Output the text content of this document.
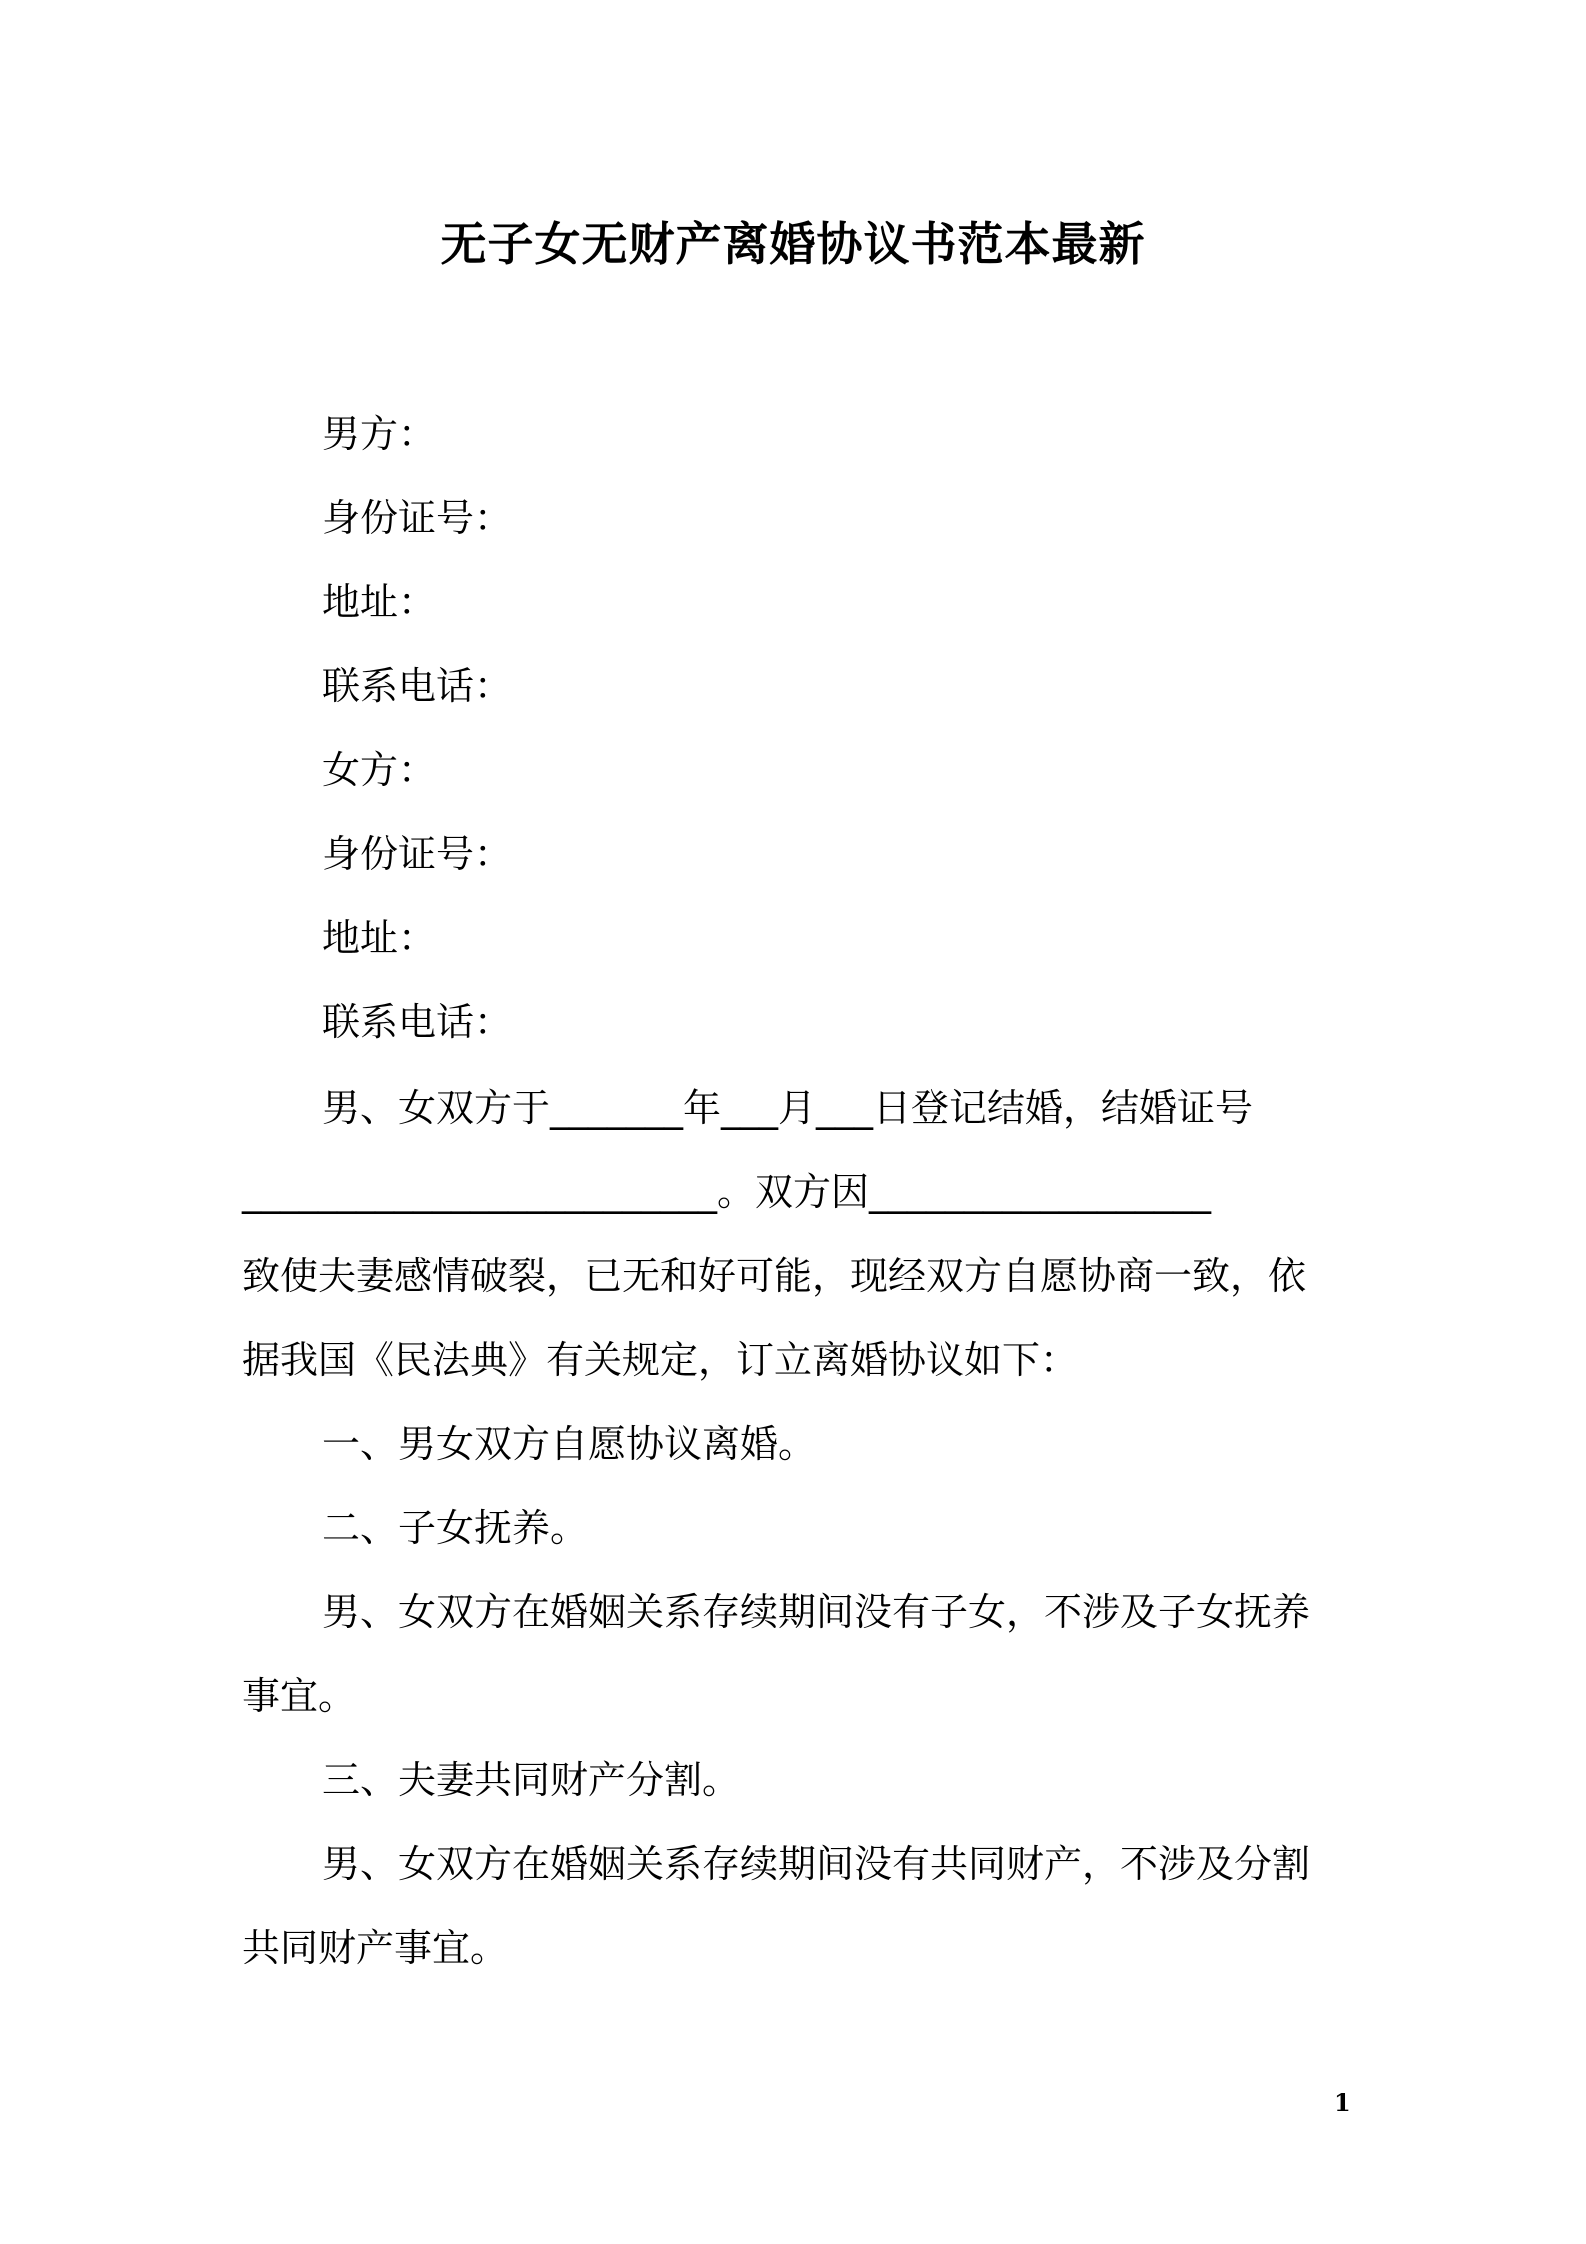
无子女无财产离婚协议书范本最新
男方：
身份证号：
地址：
联系电话：
女方：
身份证号：
地址：
联系电话：
男、女双方于_______年___月___日登记结婚，结婚证号
_________________________。双方因__________________
致使夫妻感情破裂，已无和好可能，现经双方自愿协商一致，依
据我国《民法典》有关规定，订立离婚协议如下：
一、男女双方自愿协议离婚。
二、子女抚养。
男、女双方在婚姻关系存续期间没有子女，不涉及子女抚养
事宜。
三、夫妻共同财产分割。
男、女双方在婚姻关系存续期间没有共同财产，不涉及分割
共同财产事宜。
1
